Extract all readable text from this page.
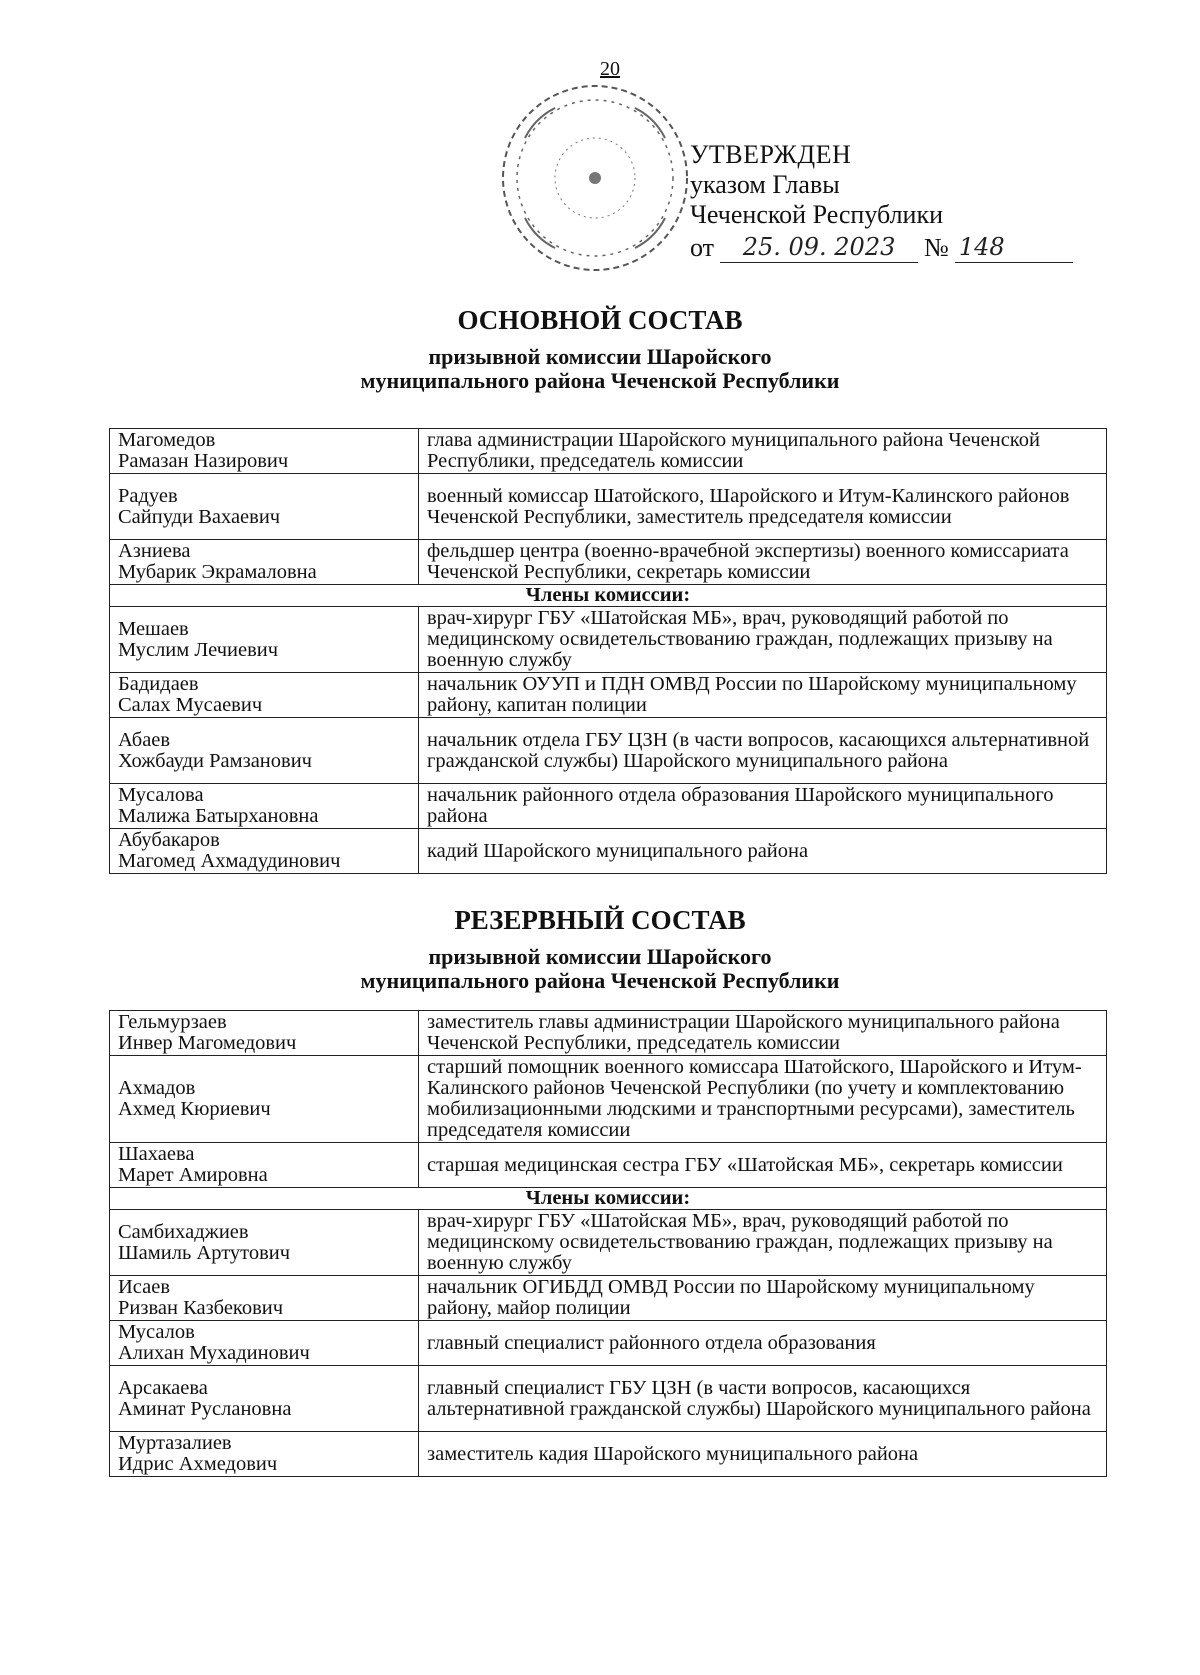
20
УТВЕРЖДЕН
указом Главы
Чеченской Республики
от	25. 09. 2023	№ 148
ОСНОВНОЙ СОСТАВ
призывной комиссии Шаройского
муниципального района Чеченской Республики
Магомедов
Рамазан Назирович	глава администрации Шаройского муниципального района Чеченской Республики, председатель комиссии

Радуев
Сайпуди Вахаевич	военный комиссар Шатойского, Шаройского и Итум-Калинского районов Чеченской Республики, заместитель председателя комиссии

Азниева
Мубарик Экрамаловна	фельдшер центра (военно-врачебной экспертизы) военного комиссариата Чеченской Республики, секретарь комиссии
Члены комиссии:	

Мешаев
Муслим Лечиевич	врач-хирург ГБУ «Шатойская МБ», врач, руководящий работой по медицинскому освидетельствованию граждан, подлежащих призыву на военную службу

Бадидаев
Салах Мусаевич	начальник ОУУП и ПДН ОМВД России по Шаройскому муниципальному району, капитан полиции

Абаев
Хожбауди Рамзанович	начальник отдела ГБУ ЦЗН (в части вопросов, касающихся альтернативной гражданской службы) Шаройского муниципального района

Мусалова
Малижа Батырхановна	начальник районного отдела образования Шаройского муниципального района

Абубакаров
Магомед Ахмадудинович	кадий Шаройского муниципального района
РЕЗЕРВНЫЙ СОСТАВ
призывной комиссии Шаройского
муниципального района Чеченской Республики
Гельмурзаев
Инвер Магомедович	заместитель главы администрации Шаройского муниципального района Чеченской Республики, председатель комиссии

Ахмадов
Ахмед Кюриевич	старший помощник военного комиссара Шатойского, Шаройского и Итум-Калинского районов Чеченской Республики (по учету и комплектованию мобилизационными людскими и транспортными ресурсами), заместитель председателя комиссии

Шахаева
Марет Амировна	старшая медицинская сестра ГБУ «Шатойская МБ», секретарь комиссии
Члены комиссии:	

Самбихаджиев
Шамиль Артутович	врач-хирург ГБУ «Шатойская МБ», врач, руководящий работой по медицинскому освидетельствованию граждан, подлежащих призыву на военную службу

Исаев
Ризван Казбекович	начальник ОГИБДД ОМВД России по Шаройскому муниципальному району, майор полиции

Мусалов
Алихан Мухадинович	главный специалист районного отдела образования

Арсакаева
Аминат Руслановна	главный специалист ГБУ ЦЗН (в части вопросов, касающихся альтернативной гражданской службы) Шаройского муниципального района

Муртазалиев
Идрис Ахмедович	заместитель кадия Шаройского муниципального района
